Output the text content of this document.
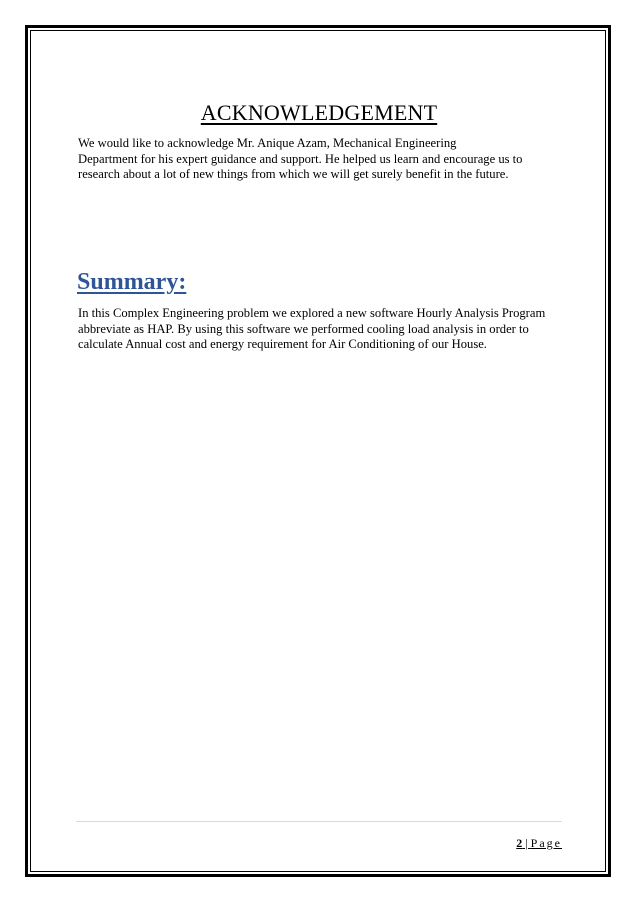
ACKNOWLEDGEMENT

We would like to acknowledge Mr. Anique Azam, Mechanical Engineering
Department for his expert guidance and support. He helped us learn and encourage us to
research about a lot of new things from which we will get surely benefit in the future.

Summary:

In this Complex Engineering problem we explored a new software Hourly Analysis Program
abbreviate as HAP. By using this software we performed cooling load analysis in order to
calculate Annual cost and energy requirement for Air Conditioning of our House.

2 | Page
